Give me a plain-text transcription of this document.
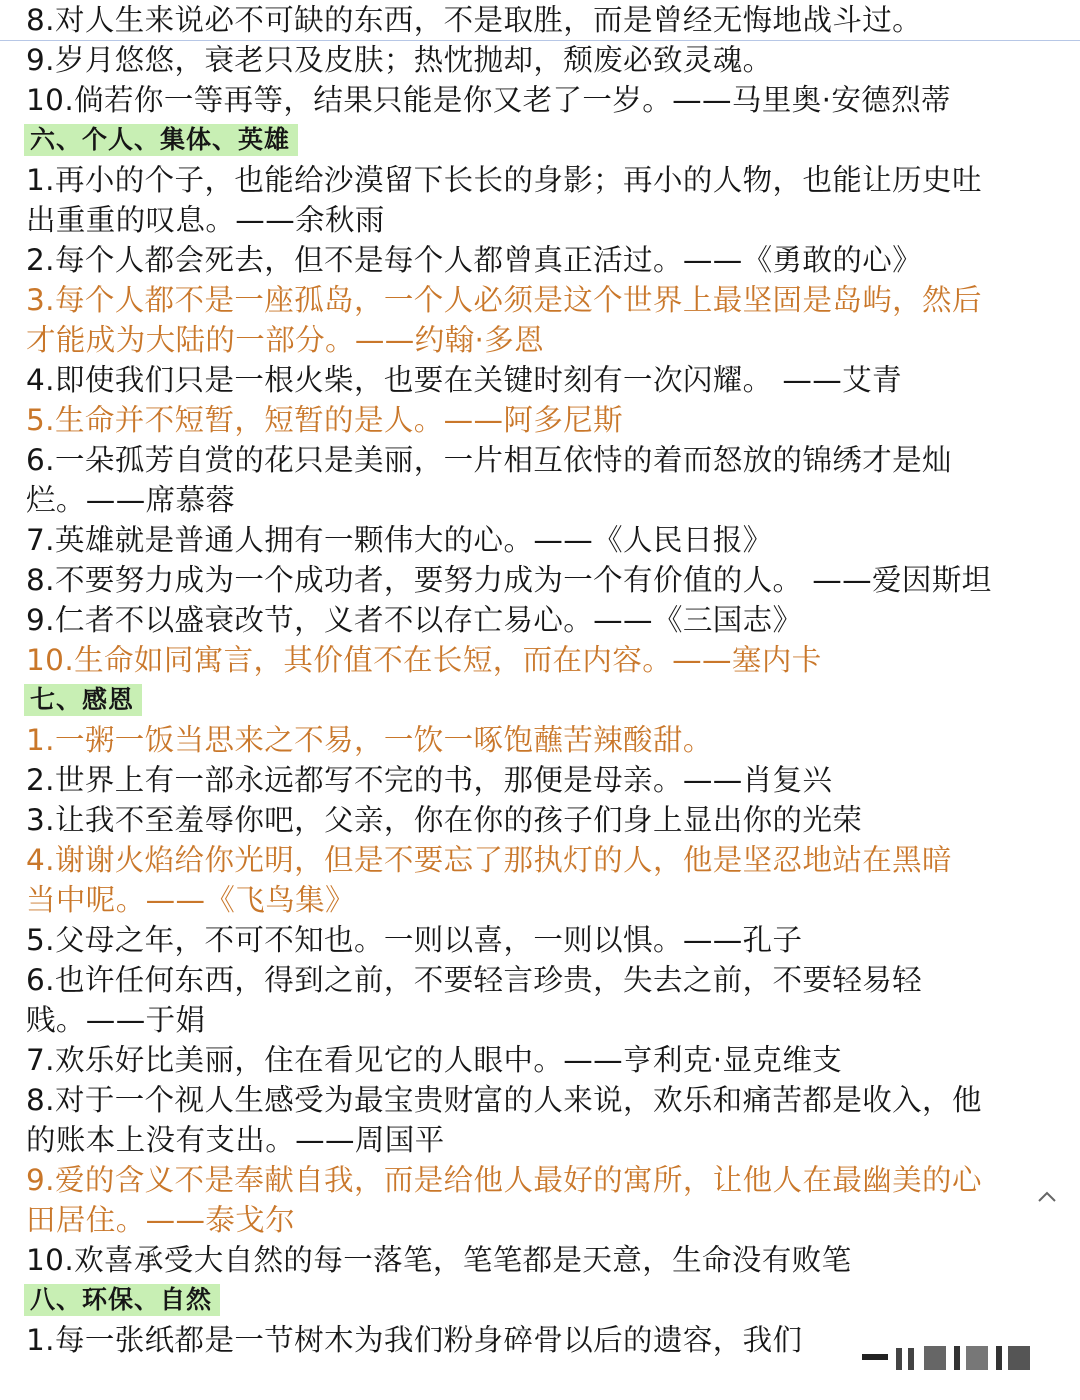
8.对人生来说必不可缺的东西，不是取胜，而是曾经无悔地战斗过。
9.岁月悠悠，衰老只及皮肤；热忱抛却，颓废必致灵魂。
10.倘若你一等再等，结果只能是你又老了一岁。——马里奥·安德烈蒂
六、个人、集体、英雄
1.再小的个子，也能给沙漠留下长长的身影；再小的人物，也能让历史吐
出重重的叹息。——余秋雨
2.每个人都会死去，但不是每个人都曾真正活过。——《勇敢的心》
3.每个人都不是一座孤岛，一个人必须是这个世界上最坚固是岛屿，然后
才能成为大陆的一部分。——约翰·多恩
4.即使我们只是一根火柴，也要在关键时刻有一次闪耀。 ——艾青
5.生命并不短暂，短暂的是人。——阿多尼斯
6.一朵孤芳自赏的花只是美丽，一片相互依恃的着而怒放的锦绣才是灿
烂。——席慕蓉
7.英雄就是普通人拥有一颗伟大的心。——《人民日报》
8.不要努力成为一个成功者，要努力成为一个有价值的人。 ——爱因斯坦
9.仁者不以盛衰改节，义者不以存亡易心。——《三国志》
10.生命如同寓言，其价值不在长短，而在内容。——塞内卡
七、感恩
1.一粥一饭当思来之不易，一饮一啄饱蘸苦辣酸甜。
2.世界上有一部永远都写不完的书，那便是母亲。——肖复兴
3.让我不至羞辱你吧，父亲，你在你的孩子们身上显出你的光荣
4.谢谢火焰给你光明，但是不要忘了那执灯的人，他是坚忍地站在黑暗
当中呢。——《飞鸟集》
5.父母之年，不可不知也。一则以喜，一则以惧。——孔子
6.也许任何东西，得到之前，不要轻言珍贵，失去之前，不要轻易轻
贱。——于娟
7.欢乐好比美丽，住在看见它的人眼中。——亨利克·显克维支
8.对于一个视人生感受为最宝贵财富的人来说，欢乐和痛苦都是收入，他
的账本上没有支出。——周国平
9.爱的含义不是奉献自我，而是给他人最好的寓所，让他人在最幽美的心
田居住。——泰戈尔
10.欢喜承受大自然的每一落笔，笔笔都是天意，生命没有败笔
八、环保、自然
1.每一张纸都是一节树木为我们粉身碎骨以后的遗容，我们
